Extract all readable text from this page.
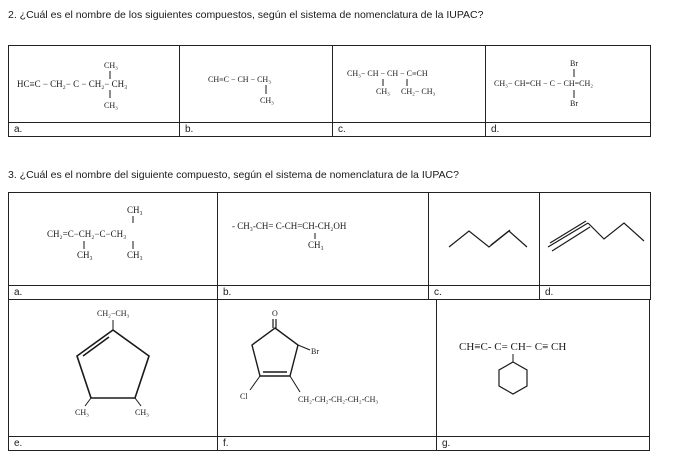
2. ¿Cuál es el nombre de los siguientes compuestos, según el sistema de nomenclatura de la IUPAC?
HC≡C − CH₂− C − CH₂− CH₃
CH₃
CH₃	CH≡C − CH − CH₃
CH₃	CH₃− CH − CH − C≡CH
CH₃ CH₂− CH₃	Br
CH₃− CH=CH − C − CH=CH₂
Br

a.	b.	c.	d.
3. ¿Cuál es el nombre del siguiente compuesto, según el sistema de nomenclatura de la IUPAC?
CH₃
CH₂=C−CH₂−C−CH₃
CH₃ CH₃	- CH₃-CH= C-CH=CH-CH₂OH
CH₃

a.	b.	c.	d.
CH₂−CH₃
CH₃ CH₃	O
Br
Cl CH₂-CH₂-CH₂-CH₂-CH₃	CH≡C- C= CH− C≡ CH

e.	f.	g.
